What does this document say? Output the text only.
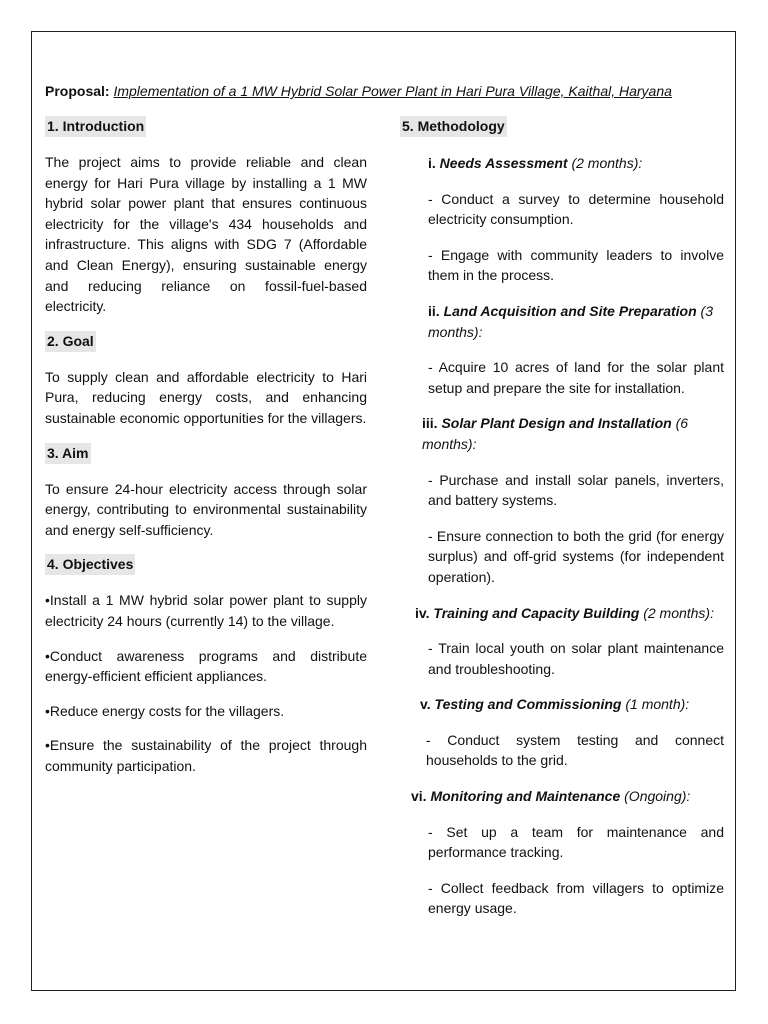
Proposal: Implementation of a 1 MW Hybrid Solar Power Plant in Hari Pura Village, Kaithal, Haryana
1. Introduction

The project aims to provide reliable and clean energy for Hari Pura village by installing a 1 MW hybrid solar power plant that ensures continuous electricity for the village's 434 households and infrastructure. This aligns with SDG 7 (Affordable and Clean Energy), ensuring sustainable energy and reducing reliance on fossil-fuel-based electricity.

2. Goal

To supply clean and affordable electricity to Hari Pura, reducing energy costs, and enhancing sustainable economic opportunities for the villagers.

3. Aim

To ensure 24-hour electricity access through solar energy, contributing to environmental sustainability and energy self-sufficiency.

4. Objectives

•Install a 1 MW hybrid solar power plant to supply electricity 24 hours (currently 14) to the village.

•Conduct awareness programs and distribute energy-efficient efficient appliances.

•Reduce energy costs for the villagers.

•Ensure the sustainability of the project through community participation.

5. Methodology

i. Needs Assessment (2 months):

- Conduct a survey to determine household electricity consumption.

- Engage with community leaders to involve them in the process.

ii. Land Acquisition and Site Preparation (3 months):

- Acquire 10 acres of land for the solar plant setup and prepare the site for installation.

iii. Solar Plant Design and Installation (6 months):

- Purchase and install solar panels, inverters, and battery systems.

- Ensure connection to both the grid (for energy surplus) and off-grid systems (for independent operation).

iv. Training and Capacity Building (2 months):

- Train local youth on solar plant maintenance and troubleshooting.

v. Testing and Commissioning (1 month):

- Conduct system testing and connect households to the grid.

vi. Monitoring and Maintenance (Ongoing):

- Set up a team for maintenance and performance tracking.

- Collect feedback from villagers to optimize energy usage.
